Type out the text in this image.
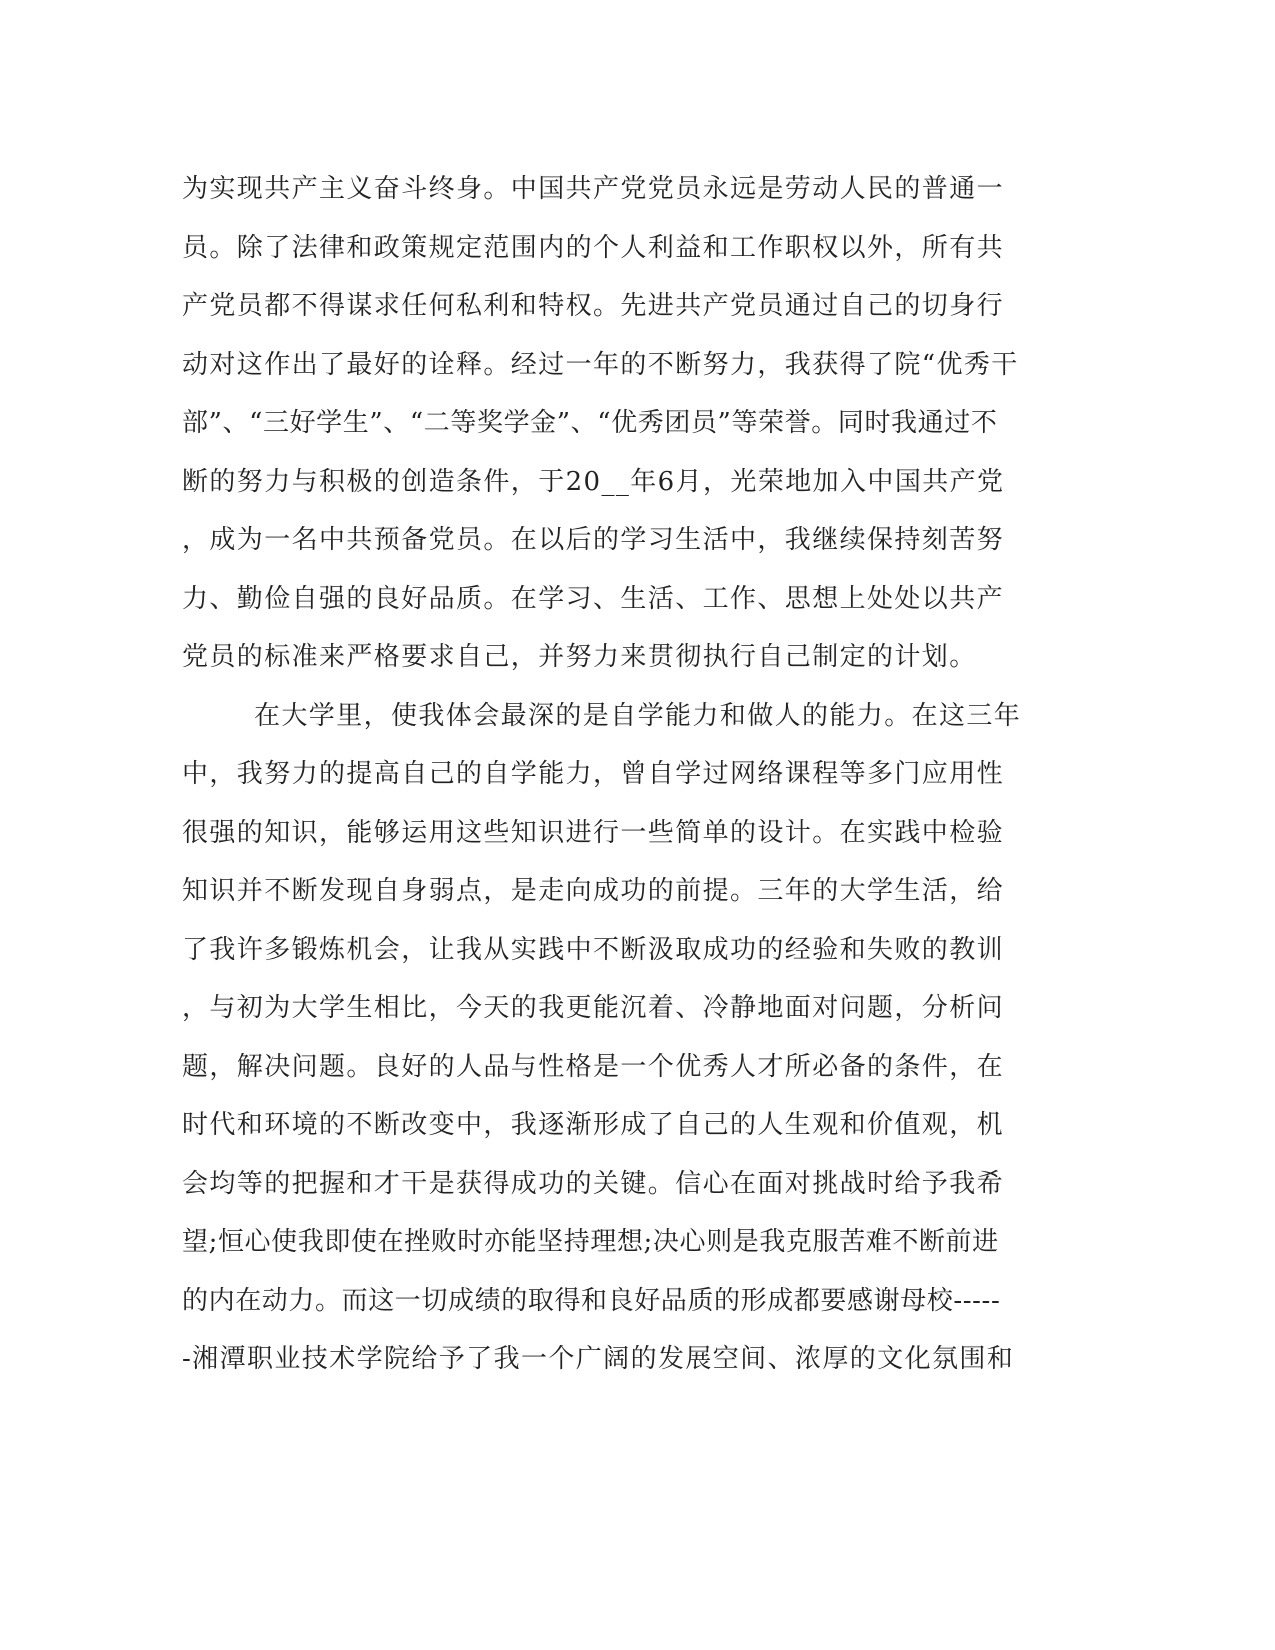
为实现共产主义奋斗终身。中国共产党党员永远是劳动人民的普通一
员。除了法律和政策规定范围内的个人利益和工作职权以外，所有共
产党员都不得谋求任何私利和特权。先进共产党员通过自己的切身行
动对这作出了最好的诠释。经过一年的不断努力，我获得了院“优秀干
部”、“三好学生”、“二等奖学金”、“优秀团员”等荣誉。同时我通过不
断的努力与积极的创造条件，于20__年6月，光荣地加入中国共产党
，成为一名中共预备党员。在以后的学习生活中，我继续保持刻苦努
力、勤俭自强的良好品质。在学习、生活、工作、思想上处处以共产
党员的标准来严格要求自己，并努力来贯彻执行自己制定的计划。
在大学里，使我体会最深的是自学能力和做人的能力。在这三年
中，我努力的提高自己的自学能力，曾自学过网络课程等多门应用性
很强的知识，能够运用这些知识进行一些简单的设计。在实践中检验
知识并不断发现自身弱点，是走向成功的前提。三年的大学生活，给
了我许多锻炼机会，让我从实践中不断汲取成功的经验和失败的教训
，与初为大学生相比，今天的我更能沉着、冷静地面对问题，分析问
题，解决问题。良好的人品与性格是一个优秀人才所必备的条件，在
时代和环境的不断改变中，我逐渐形成了自己的人生观和价值观，机
会均等的把握和才干是获得成功的关键。信心在面对挑战时给予我希
望;恒心使我即使在挫败时亦能坚持理想;决心则是我克服苦难不断前进
的内在动力。而这一切成绩的取得和良好品质的形成都要感谢母校-----
-湘潭职业技术学院给予了我一个广阔的发展空间、浓厚的文化氛围和
